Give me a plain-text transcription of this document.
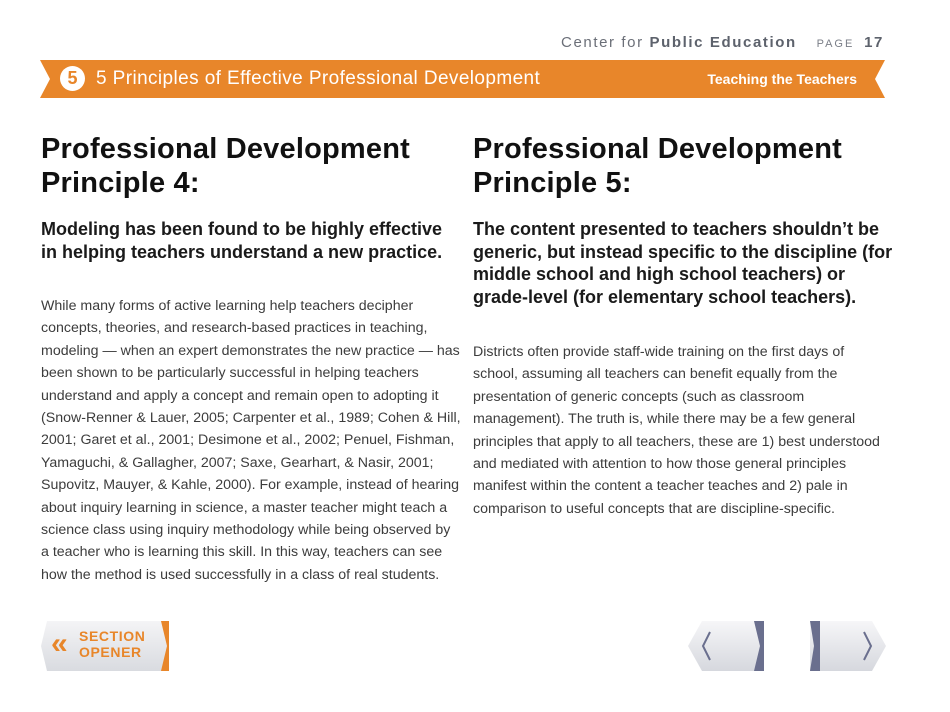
Center for Public Education PAGE 17
5 5 Principles of Effective Professional Development	Teaching the Teachers
Professional Development
Principle 4:
Modeling has been found to be highly effective in helping teachers understand a new practice.

While many forms of active learning help teachers decipher concepts, theories, and research-based practices in teaching, modeling — when an expert demonstrates the new practice — has been shown to be particularly successful in helping teachers understand and apply a concept and remain open to adopting it (Snow-Renner & Lauer, 2005; Carpenter et al., 1989; Cohen & Hill, 2001; Garet et al., 2001; Desimone et al., 2002; Penuel, Fishman, Yamaguchi, & Gallagher, 2007; Saxe, Gearhart, & Nasir, 2001; Supovitz, Mauyer, & Kahle, 2000). For example, instead of hearing about inquiry learning in science, a master teacher might teach a science class using inquiry methodology while being observed by a teacher who is learning this skill. In this way, teachers can see how the method is used successfully in a class of real students.

Professional Development
Principle 5:
The content presented to teachers shouldn’t be generic, but instead specific to the discipline (for middle school and high school teachers) or grade-level (for elementary school teachers).

Districts often provide staff-wide training on the first days of school, assuming all teachers can benefit equally from the presentation of generic concepts (such as classroom management). The truth is, while there may be a few general principles that apply to all teachers, these are 1) best understood and mediated with attention to how those general principles manifest within the content a teacher teaches and 2) pale in comparison to useful concepts that are discipline-specific.

« SECTION
OPENER
